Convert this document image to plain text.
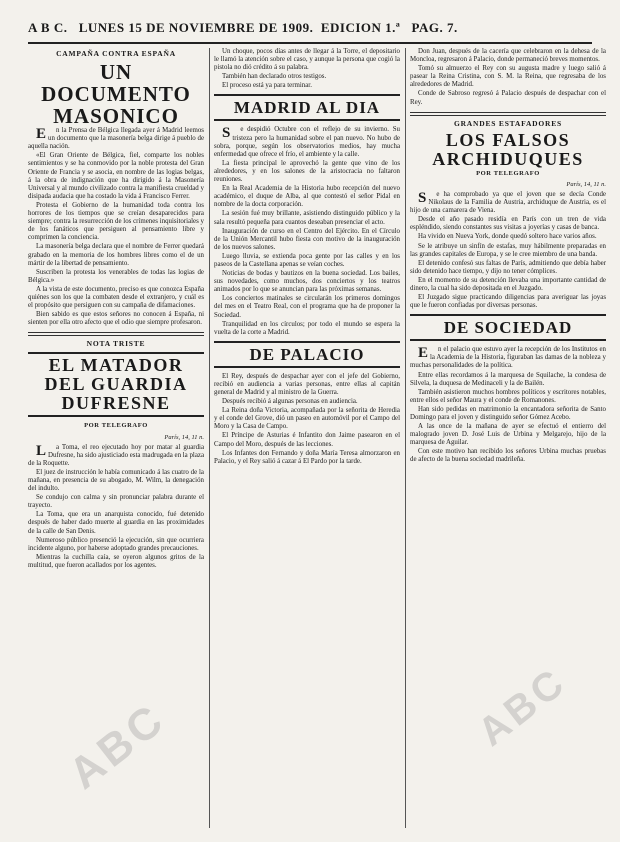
A B C. LUNES 15 DE NOVIEMBRE DE 1909. EDICION 1.ª PAG. 7.
CAMPAÑA CONTRA ESPAÑA
UN DOCUMENTO MASONICO

En la Prensa de Bélgica llegada ayer á Madrid leemos un documento que la masonería belga dirige á pueblo de aquella nación.

«El Gran Oriente de Bélgica, fiel, comparte los nobles sentimientos y se ha conmovido por la noble protesta del Gran Oriente de Francia y se asocia, en nombre de las logias belgas, á la obra de indignación que ha dirigido á la Masonería Universal y al mundo civilizado contra la manifiesta crueldad y disipada audacia que ha costado la vida á Francisco Ferrer.

Protesta el Gobierno de la humanidad toda contra los horrores de los tiempos que se creían desaparecidos para siempre; contra la resurrección de los crímenes inquisitoriales y de los fanáticos que persiguen al pensamiento libre y comprimen la conciencia.

La masonería belga declara que el nombre de Ferrer quedará grabado en la memoria de los hombres libres como el de un mártir de la libertad de pensamiento.

Suscriben la protesta los venerables de todas las logias de Bélgica.»

A la vista de este documento, preciso es que conozca España quiénes son los que la combaten desde el extranjero, y cuál es el propósito que persiguen con su campaña de difamaciones.

Bien sabido es que estos señores no conocen á España, ni sienten por ella otro afecto que el odio que siempre profesaron.

NOTA TRISTE
EL MATADOR DEL GUARDIA DUFRESNE
POR TELEGRAFO
París, 14, 11 n.

La Toma, el reo ejecutado hoy por matar al guardia Dufresne, ha sido ajusticiado esta madrugada en la plaza de la Roquette.

El juez de instrucción le había comunicado á las cuatro de la mañana, en presencia de su abogado, M. Wilm, la denegación del indulto.

Se condujo con calma y sin pronunciar palabra durante el trayecto.

La Toma, que era un anarquista conocido, fué detenido después de haber dado muerte al guardia en las proximidades de la calle de San Denis.

Numeroso público presenció la ejecución, sin que ocurriera incidente alguno, por haberse adoptado grandes precauciones.

Mientras la cuchilla caía, se oyeron algunos gritos de la multitud, que fueron acallados por los agentes.

Un choque, pocos días antes de llegar á la Torre, el depositario le llamó la atención sobre el caso, y aunque la persona que cogió la pistola no dió crédito á su palabra.

También han declarado otros testigos.

El proceso está ya para terminar.

MADRID AL DIA

Se despidió Octubre con el reflejo de su invierno. Su tristeza pero la humanidad sobre el pan nuevo. No hubo de sobra, porque, según los observatorios medios, hay mucha enfermedad que ofrece el frío, el ambiente y la calle.

La fiesta principal le aprovechó la gente que vino de los alrededores, y en los salones de la aristocracia no faltaron reuniones.

En la Real Academia de la Historia hubo recepción del nuevo académico, el duque de Alba, al que contestó el señor Pidal en nombre de la docta corporación.

La sesión fué muy brillante, asistiendo distinguido público y la sala resultó pequeña para cuantos deseaban presenciar el acto.

Inauguración de curso en el Centro del Ejército. En el Círculo de la Unión Mercantil hubo fiesta con motivo de la inauguración de los nuevos salones.

Luego lluvia, se extienda poca gente por las calles y en los paseos de la Castellana apenas se veían coches.

Noticias de bodas y bautizos en la buena sociedad. Los bailes, sus novedades, como muchos, dos conciertos y los teatros animados por lo que se anuncian para las próximas semanas.

Los conciertos matinales se circularán los primeros domingos del mes en el Teatro Real, con el programa que ha de proponer la Sociedad.

Tranquilidad en los círculos; por todo el mundo se espera la vuelta de la corte a Madrid.

DE PALACIO

El Rey, después de despachar ayer con el jefe del Gobierno, recibió en audiencia a varias personas, entre ellas al capitán general de Madrid y al ministro de la Guerra.

Después recibió á algunas personas en audiencia.

La Reina doña Victoria, acompañada por la señorita de Heredia y el conde del Grove, dió un paseo en automóvil por el Campo del Moro y la Casa de Campo.

El Príncipe de Asturias é Infantito don Jaime pasearon en el Campo del Moro, después de las lecciones.

Los Infantes don Fernando y doña María Teresa almorzaron en Palacio, y el Rey salió á cazar á El Pardo por la tarde.

Don Juan, después de la cacería que celebraron en la dehesa de la Moncloa, regresaron á Palacio, donde permaneció breves momentos.

Tomó su almuerzo el Rey con su augusta madre y luego salió á pasear la Reina Cristina, con S. M. la Reina, que regresaba de los alrededores de Madrid.

Conde de Sabroso regresó á Palacio después de despachar con el Rey.

GRANDES ESTAFADORES
LOS FALSOS ARCHIDUQUES
POR TELEGRAFO
París, 14, 11 n.

Se ha comprobado ya que el joven que se decía Conde Nikolaus de la Familia de Austria, archiduque de Austria, es el hijo de una camarera de Viena.

Desde el año pasado residía en París con un tren de vida espléndido, siendo constantes sus visitas a joyerías y casas de banca.

Ha vivido en Nueva York, donde quedó soltero hace varios años.

Se le atribuye un sinfín de estafas, muy hábilmente preparadas en las grandes capitales de Europa, y se le cree miembro de una banda.

El detenido confesó sus faltas de París, admitiendo que debía haber sido detenido hace tiempo, y dijo no tener cómplices.

En el momento de su detención llevaba una importante cantidad de dinero, la cual ha sido depositada en el Juzgado.

El Juzgado sigue practicando diligencias para averiguar las joyas que le fueron confiadas por diversas personas.

DE SOCIEDAD

En el palacio que estuvo ayer la recepción de los Institutos en la Academia de la Historia, figuraban las damas de la nobleza y muchas personalidades de la política.

Entre ellas recordamos á la marquesa de Squilache, la condesa de Silvela, la duquesa de Medinaceli y la de Bailén.

También asistieron muchos hombres políticos y escritores notables, entre ellos el señor Maura y el conde de Romanones.

Han sido pedidas en matrimonio la encantadora señorita de Santo Domingo para el joven y distinguido señor Gómez Acebo.

A las once de la mañana de ayer se efectuó el entierro del malogrado joven D. José Luis de Urbina y Melgarejo, hijo de la marquesa de Aguilar.

Con este motivo han recibido los señores Urbina muchas pruebas de afecto de la buena sociedad madrileña.

ABC	ABC
